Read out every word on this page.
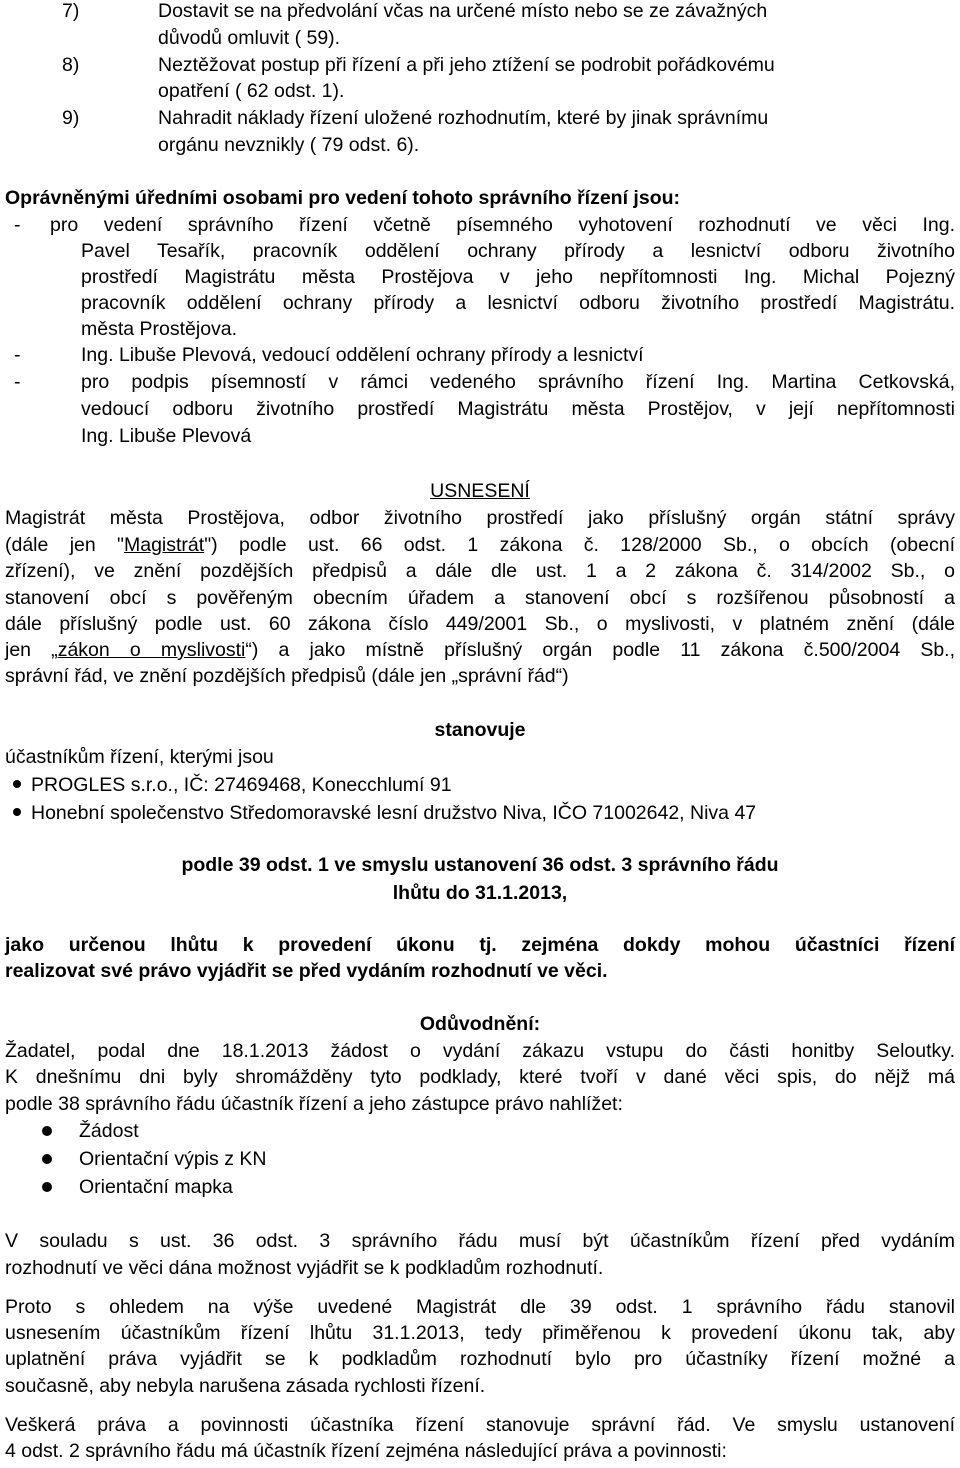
7)	Dostavit se na předvolání včas na určené místo nebo se ze závažných
důvodů omluvit ( 59).
8)	Neztěžovat postup při řízení a při jeho ztížení se podrobit pořádkovému
opatření ( 62 odst. 1).
9)	Nahradit náklady řízení uložené rozhodnutím, které by jinak správnímu
orgánu nevznikly ( 79 odst. 6).
Oprávněnými úředními osobami pro vedení tohoto správního řízení jsou:
- pro vedení správního řízení včetně písemného vyhotovení rozhodnutí ve věci Ing.
Pavel Tesařík, pracovník oddělení ochrany přírody a lesnictví odboru životního
prostředí Magistrátu města Prostějova v jeho nepřítomnosti Ing. Michal Pojezný
pracovník oddělení ochrany přírody a lesnictví odboru životního prostředí Magistrátu.
města Prostějova.
-	Ing. Libuše Plevová, vedoucí oddělení ochrany přírody a lesnictví
-	pro podpis písemností v rámci vedeného správního řízení Ing. Martina Cetkovská,
vedoucí odboru životního prostředí Magistrátu města Prostějov, v její nepřítomnosti
Ing. Libuše Plevová
USNESENÍ
Magistrát města Prostějova, odbor životního prostředí jako příslušný orgán státní správy
(dále jen "Magistrát") podle ust. 66 odst. 1 zákona č. 128/2000 Sb., o obcích (obecní
zřízení), ve znění pozdějších předpisů a dále dle ust. 1 a 2 zákona č. 314/2002 Sb., o
stanovení obcí s pověřeným obecním úřadem a stanovení obcí s rozšířenou působností a
dále příslušný podle ust. 60 zákona číslo 449/2001 Sb., o myslivosti, v platném znění (dále
jen „zákon o myslivosti“) a jako místně příslušný orgán podle 11 zákona č.500/2004 Sb.,
správní řád, ve znění pozdějších předpisů (dále jen „správní řád“)
stanovuje
účastníkům řízení, kterými jsou
PROGLES s.r.o., IČ: 27469468, Konecchlumí 91
Honební společenstvo Středomoravské lesní družstvo Niva, IČO 71002642, Niva 47
podle 39 odst. 1 ve smyslu ustanovení 36 odst. 3 správního řádu
lhůtu do 31.1.2013,
jako určenou lhůtu k provedení úkonu tj. zejména dokdy mohou účastníci řízení
realizovat své právo vyjádřit se před vydáním rozhodnutí ve věci.
Odůvodnění:
Žadatel, podal dne 18.1.2013 žádost o vydání zákazu vstupu do části honitby Seloutky.
K dnešnímu dni byly shromážděny tyto podklady, které tvoří v dané věci spis, do nějž má
podle 38 správního řádu účastník řízení a jeho zástupce právo nahlížet:
Žádost
Orientační výpis z KN
Orientační mapka
V souladu s ust. 36 odst. 3 správního řádu musí být účastníkům řízení před vydáním
rozhodnutí ve věci dána možnost vyjádřit se k podkladům rozhodnutí.
Proto s ohledem na výše uvedené Magistrát dle 39 odst. 1 správního řádu stanovil
usnesením účastníkům řízení lhůtu 31.1.2013, tedy přiměřenou k provedení úkonu tak, aby
uplatnění práva vyjádřit se k podkladům rozhodnutí bylo pro účastníky řízení možné a
současně, aby nebyla narušena zásada rychlosti řízení.
Veškerá práva a povinnosti účastníka řízení stanovuje správní řád. Ve smyslu ustanovení
4 odst. 2 správního řádu má účastník řízení zejména následující práva a povinnosti:
